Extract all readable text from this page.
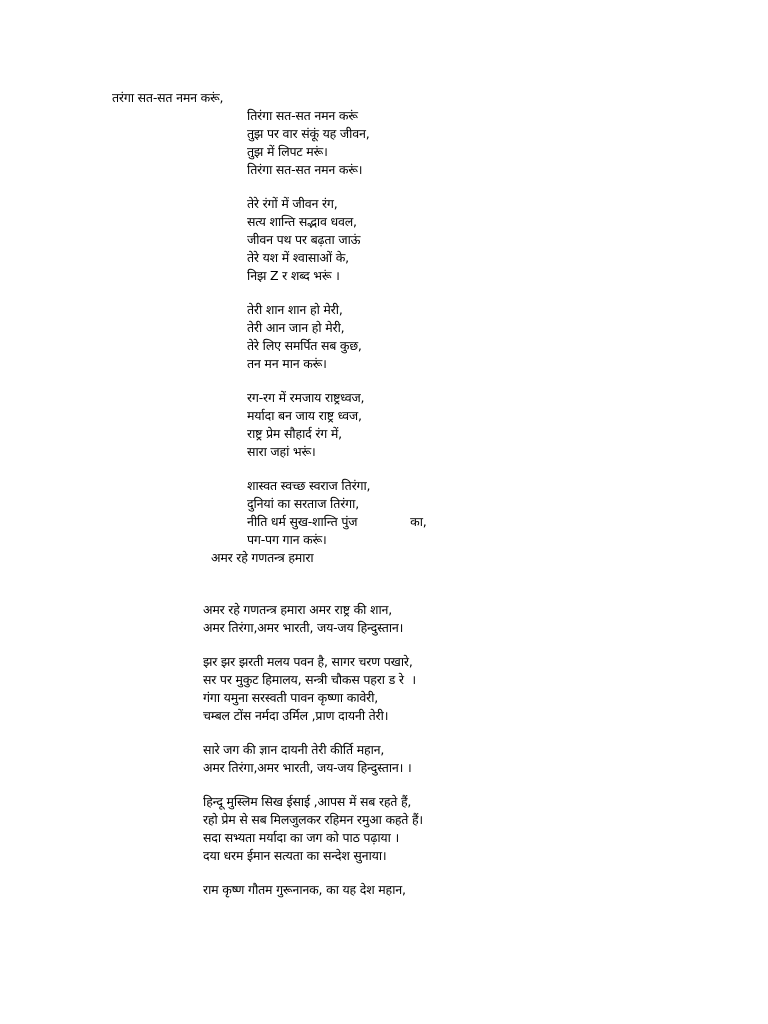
तरंगा सत-सत नमन करूं,
तिरंगा सत-सत नमन करूं
तुझ पर वार संकूं यह जीवन,
तुझ में लिपट मरूं।
तिरंगा सत-सत नमन करूं।
तेरे रंगों में जीवन रंग,
सत्य शान्ति सद्भाव धवल,
जीवन पथ पर बढ़ता जाऊं
तेरे यश में श्वासाओं के,
निझ Z र शब्द भरूं ।
तेरी शान शान हो मेरी,
तेरी आन जान हो मेरी,
तेरे लिए समर्पित सब कुछ,
तन मन मान करूं।
रग-रग में रमजाय राष्ट्रध्वज,
मर्यादा बन जाय राष्ट्र ध्वज,
राष्ट्र प्रेम सौहार्द रंग में,
सारा जहां भरूं।
शास्वत स्वच्छ स्वराज तिरंगा,
दुनियां का सरताज तिरंगा,
नीति धर्म सुख-शान्ति पुंज              का,
पग-पग गान करूं।
अमर रहे गणतन्त्र हमारा
अमर रहे गणतन्त्र हमारा अमर राष्ट्र की शान,
अमर तिरंगा,अमर भारती, जय-जय हिन्दुस्तान।
झर झर झरती मलय पवन है, सागर चरण पखारे,
सर पर मुकुट हिमालय, सन्त्री चौकस पहरा ड रे  ।
गंगा यमुना सरस्वती पावन कृष्णा कावेरी,
चम्बल टोंस नर्मदा उर्मिल ,प्राण दायनी तेरी।
सारे जग की ज्ञान दायनी तेरी कीर्ति महान,
अमर तिरंगा,अमर भारती, जय-जय हिन्दुस्तान। ।
हिन्दू मुस्लिम सिख ईसाई ,आपस में सब रहते हैं,
रहो प्रेम से सब मिलजुलकर रहिमन रमुआ कहते हैं।
सदा सभ्यता मर्यादा का जग को पाठ पढ़ाया ।
दया धरम ईमान सत्यता का सन्देश सुनाया।
राम कृष्ण गौतम गुरूनानक, का यह देश महान,
